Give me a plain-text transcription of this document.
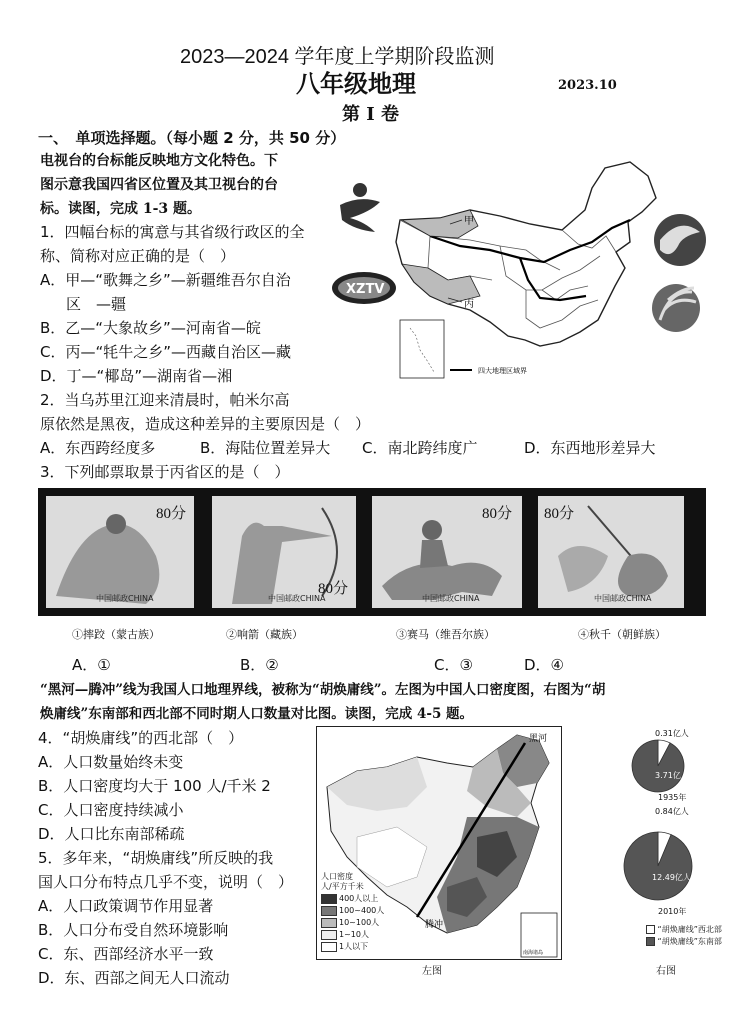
2023—2024 学年度上学期阶段监测
八年级地理	2023.10
第 I 卷
一、　单项选择题。（每小题 2 分，共 50 分）
电视台的台标能反映地方文化特色。下
图示意我国四省区位置及其卫视台的台
标。读图，完成 1-3 题。
1．四幅台标的寓意与其省级行政区的全
称、简称对应正确的是（　）
A．甲—“歌舞之乡”—新疆维吾尔自治
区　—疆
B．乙—“大象故乡”—河南省—皖
C．丙—“牦牛之乡”—西藏自治区—藏
D．丁—“椰岛”—湖南省—湘
2．当乌苏里江迎来清晨时，帕米尔高
原依然是黑夜，造成这种差异的主要原因是（　）
A．东西跨经度多	B．海陆位置差异大 C．南北跨纬度广	D．东西地形差异大
3．下列邮票取景于丙省区的是（　）
甲
丙
XZTV
四大地理区域界
80分
中国邮政CHINA
80分
中国邮政CHINA
80分
中国邮政CHINA
80分
中国邮政CHINA
①摔跤（蒙古族）	②响箭（藏族）	③赛马（维吾尔族）	④秋千（朝鲜族）
A．①	B．②	C．③	D．④
“黑河—腾冲”线为我国人口地理界线，被称为“胡焕庸线”。左图为中国人口密度图，右图为“胡
焕庸线”东南部和西北部不同时期人口数量对比图。读图，完成 4-5 题。
4．“胡焕庸线”的西北部（　）
A．人口数量始终未变
B．人口密度均大于 100 人/千米 2
C．人口密度持续减小
D．人口比东南部稀疏
5．多年来，“胡焕庸线”所反映的我
国人口分布特点几乎不变，说明（　）
A．人口政策调节作用显著
B．人口分布受自然环境影响
C．东、西部经济水平一致
D．东、西部之间无人口流动
黑河
腾冲
南海诸岛
人口密度
人/平方千米
400人以上
100~400人
10~100人
1~10人
1人以下
左图
0.31亿人
3.71亿人
1935年
0.84亿人
12.49亿人
2010年
“胡焕庸线”西北部
“胡焕庸线”东南部
右图
